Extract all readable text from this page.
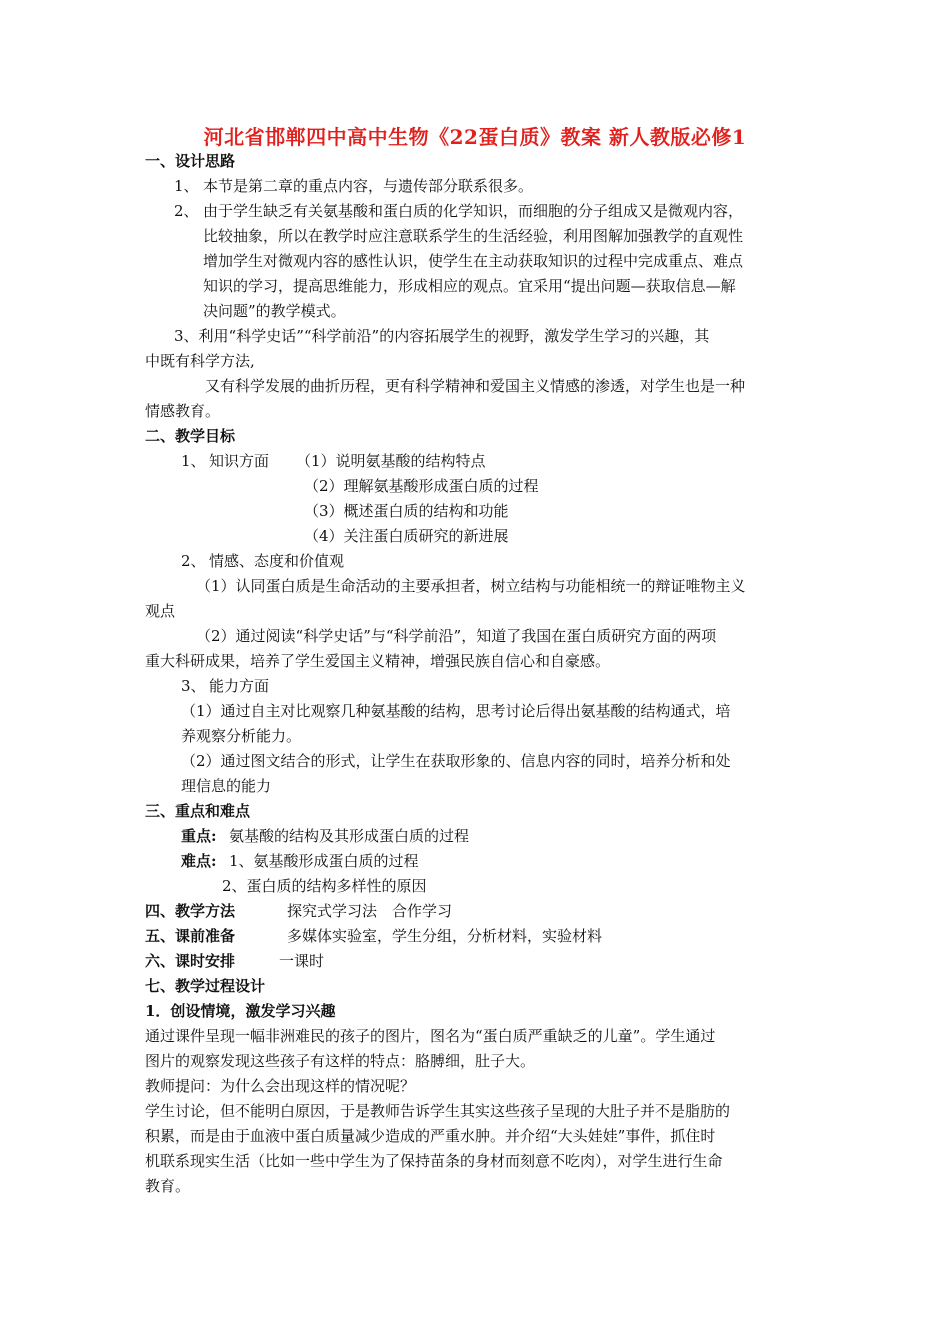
河北省邯郸四中高中生物《22蛋白质》教案 新人教版必修1
一、设计思路
1、 本节是第二章的重点内容，与遗传部分联系很多。
2、 由于学生缺乏有关氨基酸和蛋白质的化学知识，而细胞的分子组成又是微观内容，
比较抽象，所以在教学时应注意联系学生的生活经验，利用图解加强教学的直观性
增加学生对微观内容的感性认识，使学生在主动获取知识的过程中完成重点、难点
知识的学习，提高思维能力，形成相应的观点。宜采用“提出问题—获取信息—解
决问题”的教学模式。
3、利用“科学史话”“科学前沿”的内容拓展学生的视野，激发学生学习的兴趣，其
中既有科学方法,
又有科学发展的曲折历程，更有科学精神和爱国主义情感的渗透，对学生也是一种
情感教育。
二、教学目标
1、 知识方面 （1）说明氨基酸的结构特点
（2）理解氨基酸形成蛋白质的过程
（3）概述蛋白质的结构和功能
（4）关注蛋白质研究的新进展
2、 情感、态度和价值观
（1）认同蛋白质是生命活动的主要承担者，树立结构与功能相统一的辩证唯物主义
观点
（2）通过阅读“科学史话”与“科学前沿”，知道了我国在蛋白质研究方面的两项
重大科研成果，培养了学生爱国主义精神，增强民族自信心和自豪感。
3、 能力方面
（1）通过自主对比观察几种氨基酸的结构，思考讨论后得出氨基酸的结构通式，培
养观察分析能力。
（2）通过图文结合的形式，让学生在获取形象的、信息内容的同时，培养分析和处
理信息的能力
三、重点和难点
重点: 氨基酸的结构及其形成蛋白质的过程
难点: 1、氨基酸形成蛋白质的过程
2、蛋白质的结构多样性的原因
四、教学方法	探究式学习法　合作学习
五、课前准备	多媒体实验室，学生分组，分析材料，实验材料
六、课时安排	一课时
七、教学过程设计
1．创设情境，激发学习兴趣
通过课件呈现一幅非洲难民的孩子的图片，图名为“蛋白质严重缺乏的儿童”。学生通过
图片的观察发现这些孩子有这样的特点：胳膊细，肚子大。
教师提问：为什么会出现这样的情况呢？
学生讨论，但不能明白原因，于是教师告诉学生其实这些孩子呈现的大肚子并不是脂肪的
积累，而是由于血液中蛋白质量减少造成的严重水肿。并介绍“大头娃娃”事件，抓住时
机联系现实生活（比如一些中学生为了保持苗条的身材而刻意不吃肉），对学生进行生命
教育。
